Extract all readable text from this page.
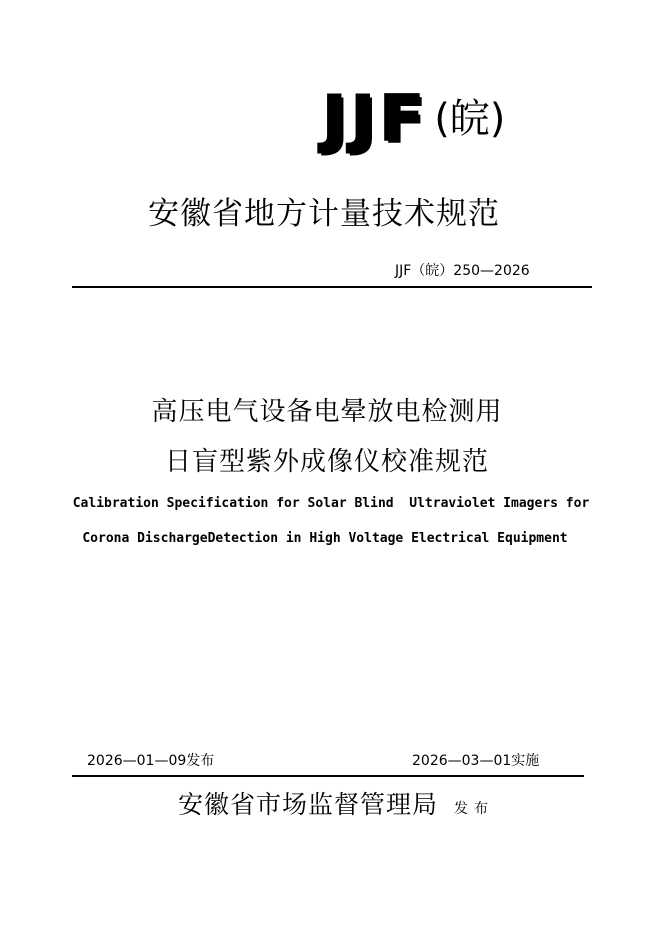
JJF (皖)
安徽省地方计量技术规范
JJF（皖）250—2026
高压电气设备电晕放电检测用
日盲型紫外成像仪校准规范
Calibration Specification for Solar Blind  Ultraviolet Imagers for
Corona DischargeDetection in High Voltage Electrical Equipment
2026—01—09发布	2026—03—01实施
安徽省市场监督管理局 发布
